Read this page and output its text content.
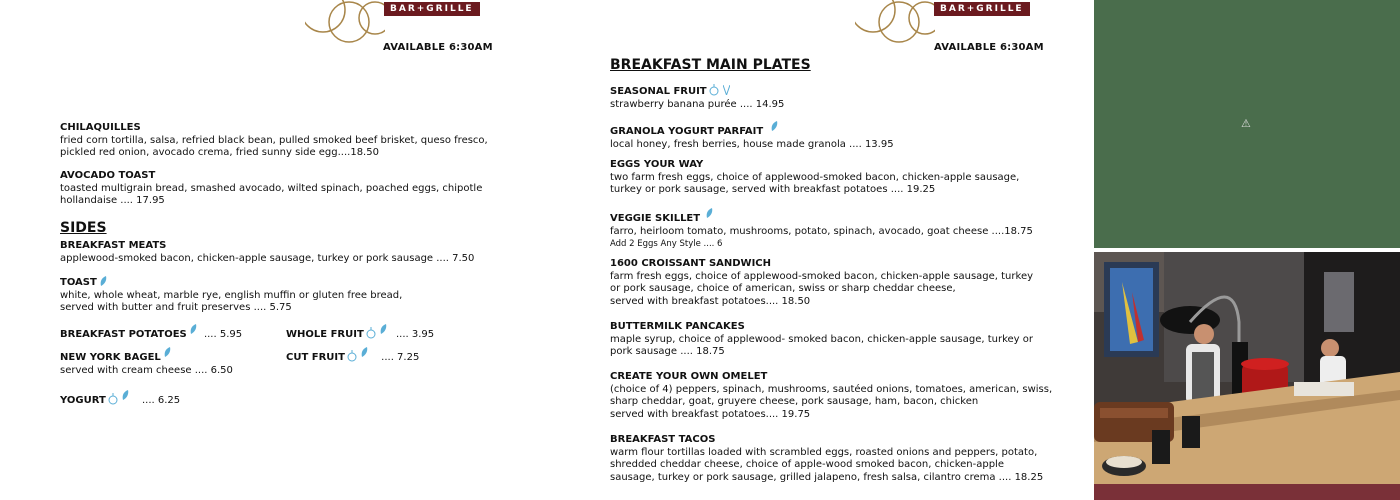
BAR+GRILLE
AVAILABLE 6:30AM
CHILAQUILLES
fried corn tortilla, salsa, refried black bean, pulled smoked beef brisket, queso fresco,
pickled red onion, avocado crema, fried sunny side egg....18.50
AVOCADO TOAST
toasted multigrain bread, smashed avocado, wilted spinach, poached eggs, chipotle
hollandaise .... 17.95
SIDES
BREAKFAST MEATS
applewood-smoked bacon, chicken-apple sausage, turkey or pork sausage .... 7.50
TOAST
white, whole wheat, marble rye, english muffin or gluten free bread,
served with butter and fruit preserves .... 5.75
BREAKFAST POTATOES .... 5.95	WHOLE FRUIT	.... 3.95
NEW YORK BAGEL
served with cream cheese .... 6.50
CUT FRUIT	.... 7.25
YOGURT	.... 6.25
BAR+GRILLE
AVAILABLE 6:30AM
BREAKFAST MAIN PLATES
SEASONAL FRUIT
strawberry banana purée .... 14.95
GRANOLA YOGURT PARFAIT
local honey, fresh berries, house made granola .... 13.95
EGGS YOUR WAY
two farm fresh eggs, choice of applewood-smoked bacon, chicken-apple sausage,
turkey or pork sausage, served with breakfast potatoes .... 19.25
VEGGIE SKILLET
farro, heirloom tomato, mushrooms, potato, spinach, avocado, goat cheese ....18.75
Add 2 Eggs Any Style .... 6
1600 CROISSANT SANDWICH
farm fresh eggs, choice of applewood-smoked bacon, chicken-apple sausage, turkey
or pork sausage, choice of american, swiss or sharp cheddar cheese,
served with breakfast potatoes.... 18.50
BUTTERMILK PANCAKES
maple syrup, choice of applewood- smoked bacon, chicken-apple sausage, turkey or
pork sausage .... 18.75
CREATE YOUR OWN OMELET
(choice of 4) peppers, spinach, mushrooms, sautéed onions, tomatoes, american, swiss,
sharp cheddar, goat, gruyere cheese, pork sausage, ham, bacon, chicken
served with breakfast potatoes.... 19.75
BREAKFAST TACOS
warm flour tortillas loaded with scrambled eggs, roasted onions and peppers, potato,
shredded cheddar cheese, choice of apple-wood smoked bacon, chicken-apple
sausage, turkey or pork sausage, grilled jalapeno, fresh salsa, cilantro crema .... 18.25
⚠
